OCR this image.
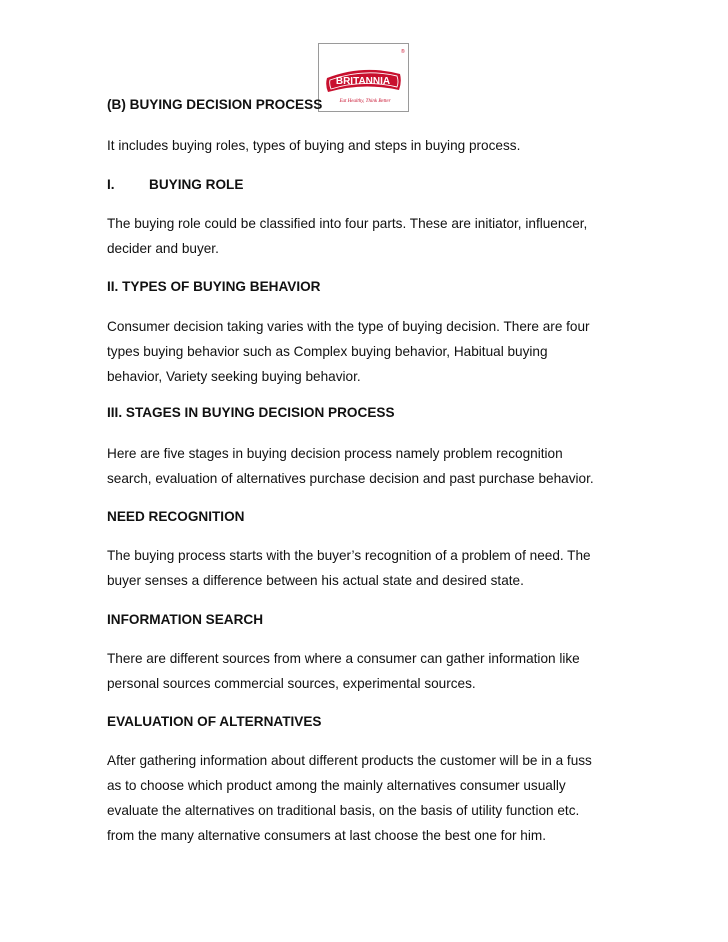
BRITANNIA
®
Eat Healthy, Think Better

(B) BUYING DECISION PROCESS

It includes buying roles, types of buying and steps in buying process.

I.	BUYING ROLE

The buying role could be classified into four parts. These are initiator, influencer,

decider and buyer.

II. TYPES OF BUYING BEHAVIOR

Consumer decision taking varies with the type of buying decision. There are four

types buying behavior such as Complex buying behavior, Habitual buying

behavior, Variety seeking buying behavior.

III. STAGES IN BUYING DECISION PROCESS

Here are five stages in buying decision process namely problem recognition

search, evaluation of alternatives purchase decision and past purchase behavior.

NEED RECOGNITION

The buying process starts with the buyer’s recognition of a problem of need. The

buyer senses a difference between his actual state and desired state.

INFORMATION SEARCH

There are different sources from where a consumer can gather information like

personal sources commercial sources, experimental sources.

EVALUATION OF ALTERNATIVES

After gathering information about different products the customer will be in a fuss

as to choose which product among the mainly alternatives consumer usually

evaluate the alternatives on traditional basis, on the basis of utility function etc.

from the many alternative consumers at last choose the best one for him.
